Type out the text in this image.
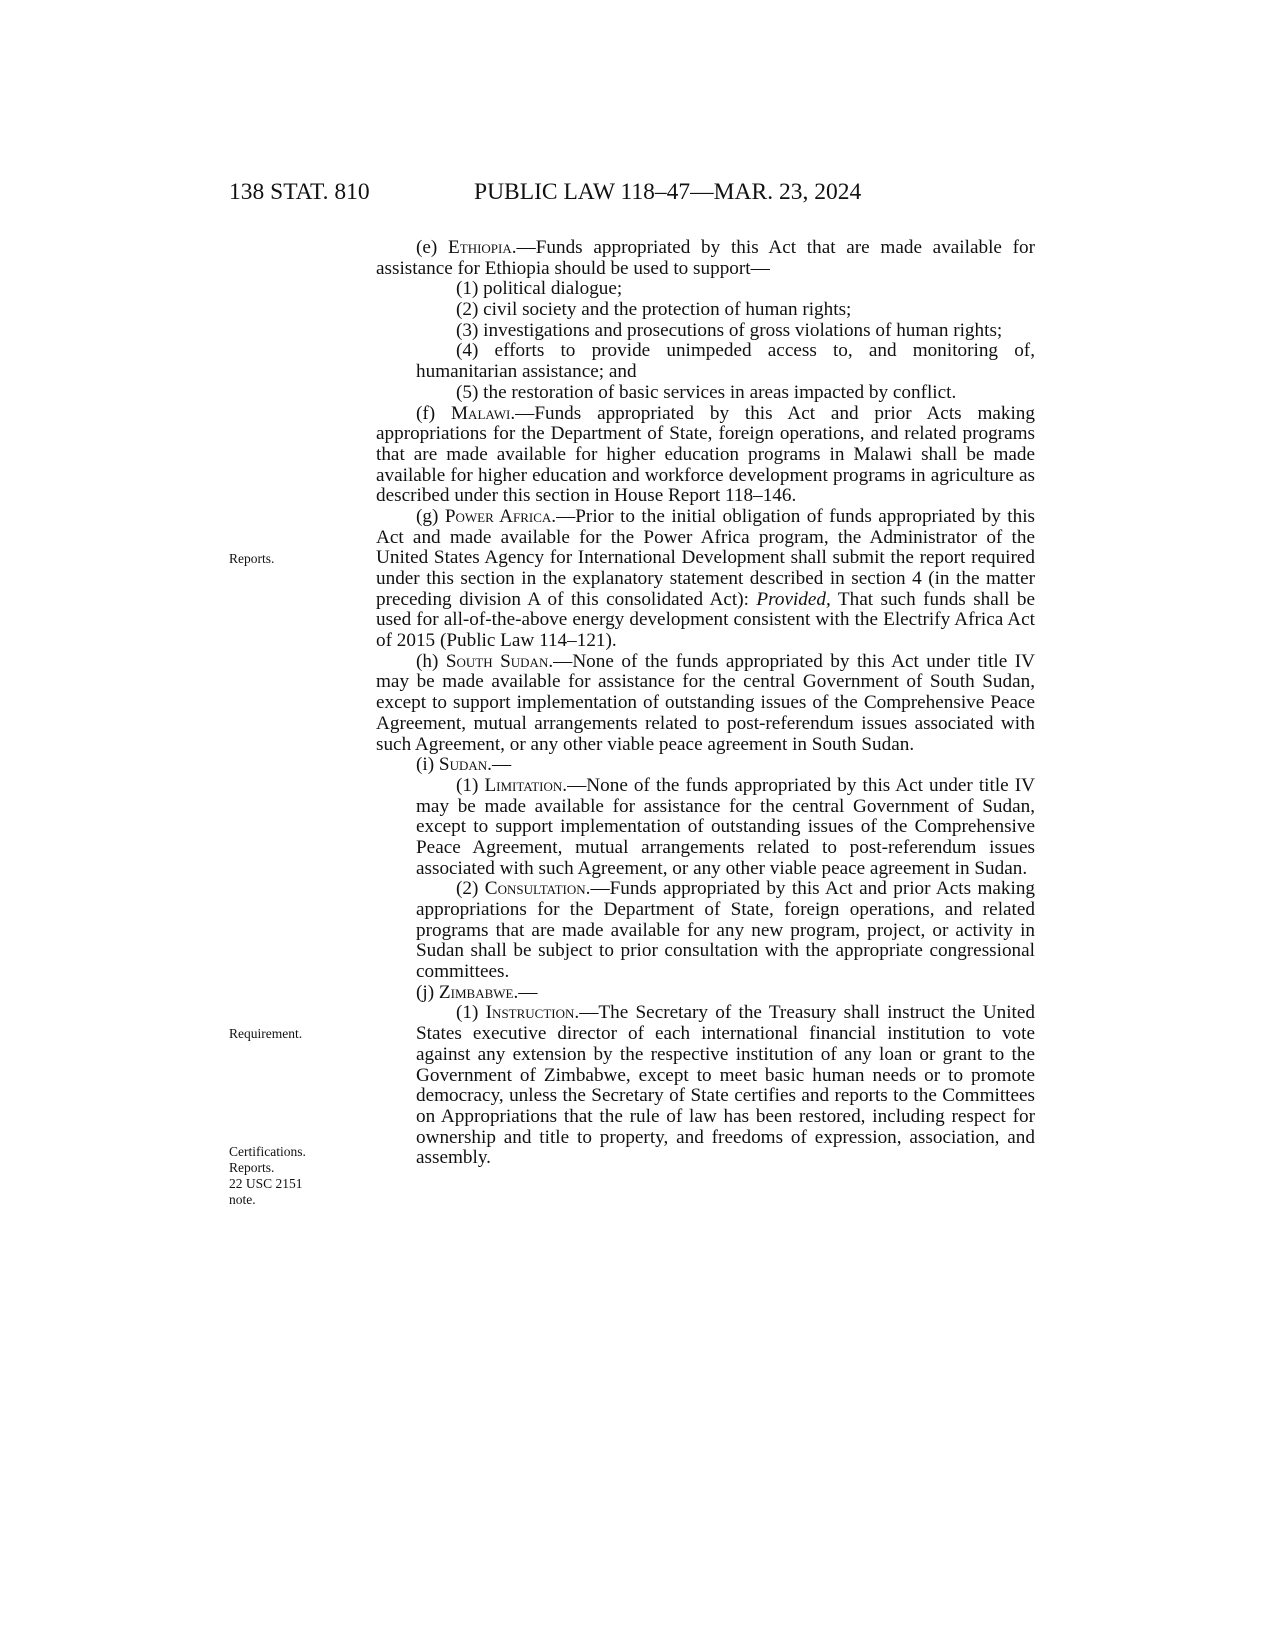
138 STAT. 810	PUBLIC LAW 118–47—MAR. 23, 2024
Reports.
Requirement.
Certifications.
Reports.
22 USC 2151
note.

(e) Ethiopia.—Funds appropriated by this Act that are made available for assistance for Ethiopia should be used to support—

(1) political dialogue;

(2) civil society and the protection of human rights;

(3) investigations and prosecutions of gross violations of human rights;

(4) efforts to provide unimpeded access to, and monitoring of, humanitarian assistance; and

(5) the restoration of basic services in areas impacted by conflict.

(f) Malawi.—Funds appropriated by this Act and prior Acts making appropriations for the Department of State, foreign operations, and related programs that are made available for higher education programs in Malawi shall be made available for higher education and workforce development programs in agriculture as described under this section in House Report 118–146.

(g) Power Africa.—Prior to the initial obligation of funds appropriated by this Act and made available for the Power Africa program, the Administrator of the United States Agency for International Development shall submit the report required under this section in the explanatory statement described in section 4 (in the matter preceding division A of this consolidated Act): Provided, That such funds shall be used for all-of-the-above energy development consistent with the Electrify Africa Act of 2015 (Public Law 114–121).

(h) South Sudan.—None of the funds appropriated by this Act under title IV may be made available for assistance for the central Government of South Sudan, except to support implementation of outstanding issues of the Comprehensive Peace Agreement, mutual arrangements related to post-referendum issues associated with such Agreement, or any other viable peace agreement in South Sudan.

(i) Sudan.—

(1) Limitation.—None of the funds appropriated by this Act under title IV may be made available for assistance for the central Government of Sudan, except to support implementation of outstanding issues of the Comprehensive Peace Agreement, mutual arrangements related to post-referendum issues associated with such Agreement, or any other viable peace agreement in Sudan.

(2) Consultation.—Funds appropriated by this Act and prior Acts making appropriations for the Department of State, foreign operations, and related programs that are made available for any new program, project, or activity in Sudan shall be subject to prior consultation with the appropriate congressional committees.

(j) Zimbabwe.—

(1) Instruction.—The Secretary of the Treasury shall instruct the United States executive director of each international financial institution to vote against any extension by the respective institution of any loan or grant to the Government of Zimbabwe, except to meet basic human needs or to promote democracy, unless the Secretary of State certifies and reports to the Committees on Appropriations that the rule of law has been restored, including respect for ownership and title to property, and freedoms of expression, association, and assembly.
